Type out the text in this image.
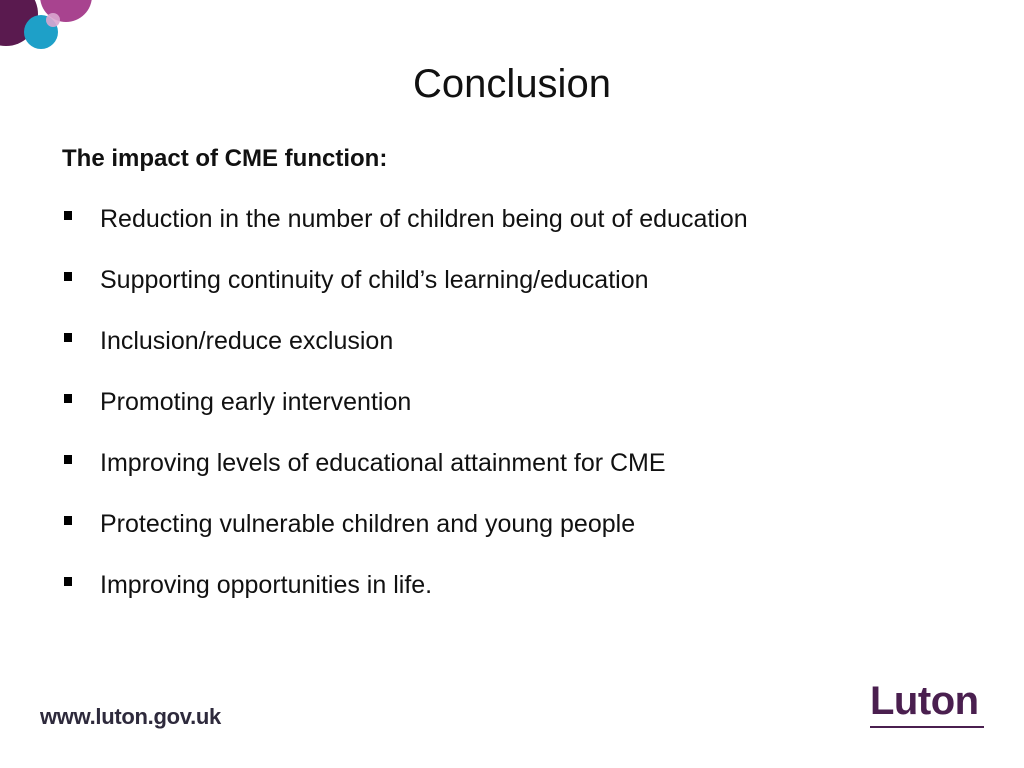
Conclusion

The impact of CME function:

Reduction in the number of children being out of education
Supporting continuity of child’s learning/education
Inclusion/reduce exclusion
Promoting early intervention
Improving levels of educational attainment for CME
Protecting vulnerable children and young people
Improving opportunities in life.
www.luton.gov.uk	Luton
